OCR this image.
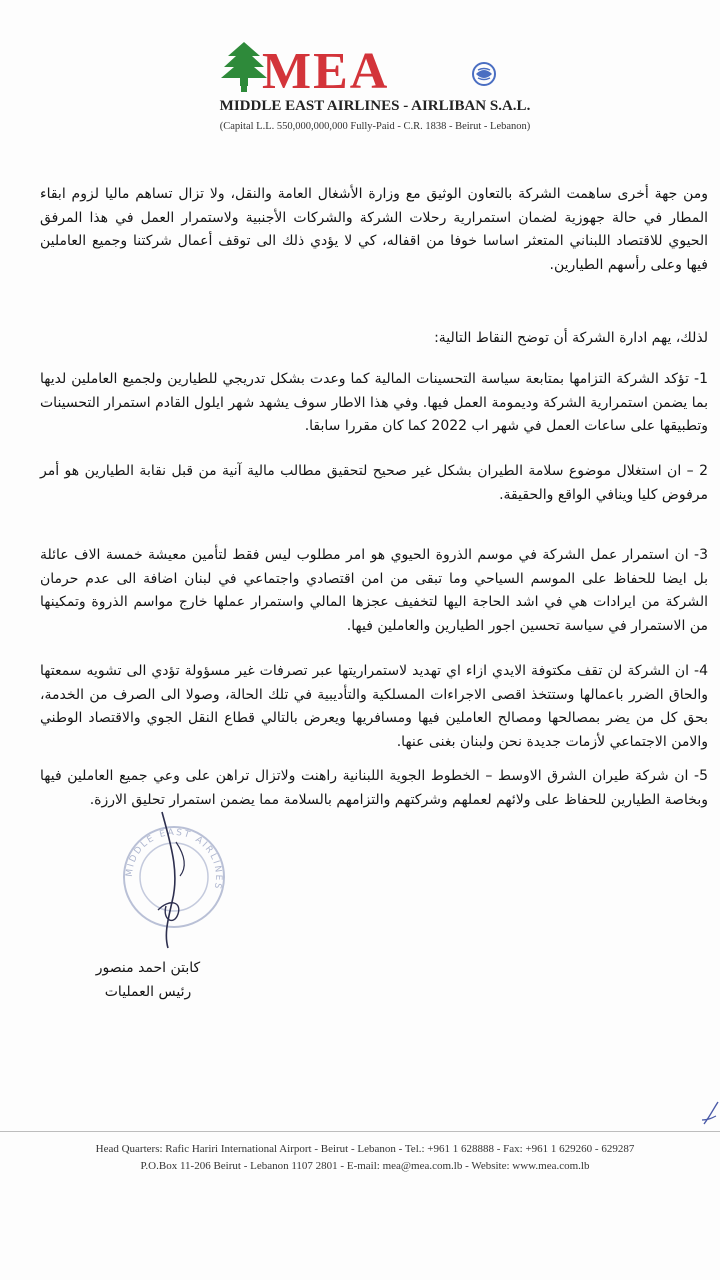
MEA
MIDDLE EAST AIRLINES - AIRLIBAN S.A.L.
(Capital L.L. 550,000,000,000 Fully-Paid - C.R. 1838 - Beirut - Lebanon)
ومن جهة أخرى ساهمت الشركة بالتعاون الوثيق مع وزارة الأشغال العامة والنقل، ولا تزال تساهم ماليا لزوم ابقاء المطار في حالة جهوزية لضمان استمرارية رحلات الشركة والشركات الأجنبية ولاستمرار العمل في هذا المرفق الحيوي للاقتصاد اللبناني المتعثر اساسا خوفا من اقفاله، كي لا يؤدي ذلك الى توقف أعمال شركتنا وجميع العاملين فيها وعلى رأسهم الطيارين.
لذلك، يهم ادارة الشركة أن توضح النقاط التالية:
1- تؤكد الشركة التزامها بمتابعة سياسة التحسينات المالية كما وعدت بشكل تدريجي للطيارين ولجميع العاملين لديها بما يضمن استمرارية الشركة وديمومة العمل فيها. وفي هذا الاطار سوف يشهد شهر ايلول القادم استمرار التحسينات وتطبيقها على ساعات العمل في شهر اب 2022 كما كان مقررا سابقا.
2 – ان استغلال موضوع سلامة الطيران بشكل غير صحيح لتحقيق مطالب مالية آنية من قبل نقابة الطيارين هو أمر مرفوض كليا وينافي الواقع والحقيقة.
3- ان استمرار عمل الشركة في موسم الذروة الحيوي هو امر مطلوب ليس فقط لتأمين معيشة خمسة الاف عائلة بل ايضا للحفاظ على الموسم السياحي وما تبقى من امن اقتصادي واجتماعي في لبنان اضافة الى عدم حرمان الشركة من ايرادات هي في اشد الحاجة اليها لتخفيف عجزها المالي واستمرار عملها خارج مواسم الذروة وتمكينها من الاستمرار في سياسة تحسين اجور الطيارين والعاملين فيها.
4- ان الشركة لن تقف مكتوفة الايدي ازاء اي تهديد لاستمراريتها عبر تصرفات غير مسؤولة تؤدي الى تشويه سمعتها والحاق الضرر باعمالها وستتخذ اقصى الاجراءات المسلكية والتأديبية في تلك الحالة، وصولا الى الصرف من الخدمة، بحق كل من يضر بمصالحها ومصالح العاملين فيها ومسافريها ويعرض بالتالي قطاع النقل الجوي والاقتصاد الوطني والامن الاجتماعي لأزمات جديدة نحن ولبنان بغنى عنها.
5- ان شركة طيران الشرق الاوسط – الخطوط الجوية اللبنانية راهنت ولاتزال تراهن على وعي جميع العاملين فيها وبخاصة الطيارين للحفاظ على ولائهم لعملهم وشركتهم والتزامهم بالسلامة مما يضمن استمرار تحليق الارزة.
MIDDLE EAST AIRLINES
كابتن احمد منصور
رئيس العمليات
Head Quarters: Rafic Hariri International Airport - Beirut - Lebanon - Tel.: +961 1 628888 - Fax: +961 1 629260 - 629287
P.O.Box 11-206 Beirut - Lebanon 1107 2801 - E-mail: mea@mea.com.lb - Website: www.mea.com.lb
